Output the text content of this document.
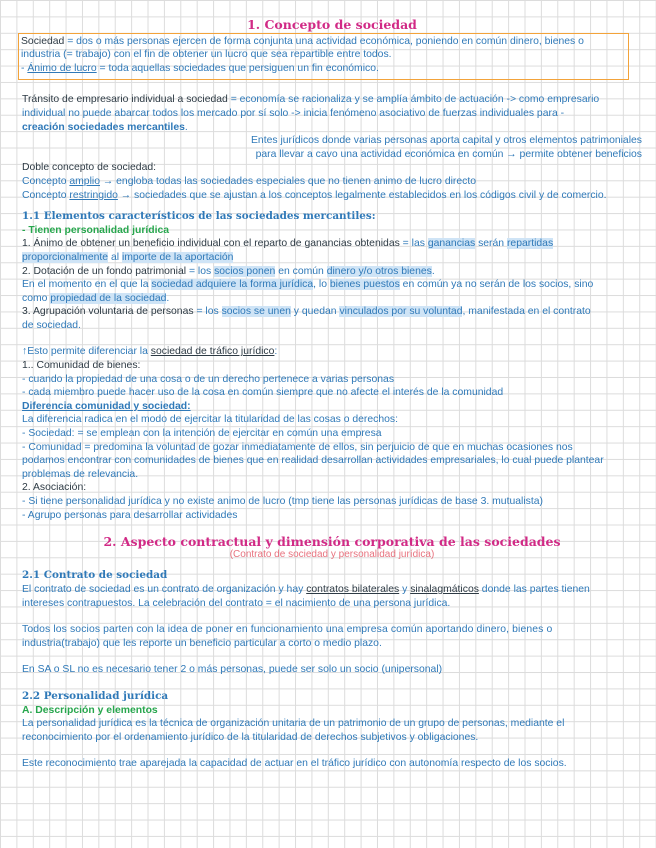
1. Concepto de sociedad
Sociedad = dos o más personas ejercen de forma conjunta una actividad económica, poniendo en común dinero, bienes o
industria (= trabajo) con el fin de obtener un lucro que sea repartible entre todos.
- Ánimo de lucro = toda aquellas sociedades que persiguen un fin económico.
Tránsito de empresario individual a sociedad = economía se racionaliza y se amplía ámbito de actuación -> como empresario
individual no puede abarcar todos los mercado por sí solo -> inicia fenómeno asociativo de fuerzas individuales para -
creación sociedades mercantiles.
Entes jurídicos donde varias personas aporta capital y otros elementos patrimoniales
para llevar a cavo una actividad económica en común → permite obtener beneficios
Doble concepto de sociedad:
Concepto amplio → engloba todas las sociedades especiales que no tienen animo de lucro directo
Concepto restringido → sociedades que se ajustan a los conceptos legalmente establecidos en los códigos civil y de comercio.
1.1 Elementos característicos de las sociedades mercantiles:
- Tienen personalidad jurídica
1. Ánimo de obtener un beneficio individual con el reparto de ganancias obtenidas = las ganancias serán repartidas
proporcionalmente al importe de la aportación
2. Dotación de un fondo patrimonial = los socios ponen en común dinero y/o otros bienes.
En el momento en el que la sociedad adquiere la forma jurídica, lo bienes puestos en común ya no serán de los socios, sino
como propiedad de la sociedad.
3. Agrupación voluntaria de personas = los socios se unen y quedan vinculados por su voluntad, manifestada en el contrato
de sociedad.
↑Esto permite diferenciar la sociedad de tráfico jurídico:
1.. Comunidad de bienes:
- cuando la propiedad de una cosa o de un derecho pertenece a varias personas
- cada miembro puede hacer uso de la cosa en común siempre que no afecte el interés de la comunidad
Diferencia comunidad y sociedad:
La diferencia radica en el modo de ejercitar la titularidad de las cosas o derechos:
- Sociedad: = se emplean con la intención de ejercitar en común una empresa
- Comunidad = predomina la voluntad de gozar inmediatamente de ellos, sin perjuicio de que en muchas ocasiones nos
podamos encontrar con comunidades de bienes que en realidad desarrollan actividades empresariales, lo cual puede plantear
problemas de relevancia.
2. Asociación:
- Si tiene personalidad jurídica y no existe animo de lucro (tmp tiene las personas jurídicas de base 3. mutualista)
- Agrupo personas para desarrollar actividades
2. Aspecto contractual y dimensión corporativa de las sociedades
(Contrato de sociedad y personalidad jurídica)
2.1 Contrato de sociedad
El contrato de sociedad es un contrato de organización y hay contratos bilaterales y sinalagmáticos donde las partes tienen
intereses contrapuestos. La celebración del contrato = el nacimiento de una persona jurídica.
Todos los socios parten con la idea de poner en funcionamiento una empresa común aportando dinero, bienes o
industria(trabajo) que les reporte un beneficio particular a corto o medio plazo.
En SA o SL no es necesario tener 2 o más personas, puede ser solo un socio (unipersonal)
2.2 Personalidad jurídica
A. Descripción y elementos
La personalidad jurídica es la técnica de organización unitaria de un patrimonio de un grupo de personas, mediante el
reconocimiento por el ordenamiento jurídico de la titularidad de derechos subjetivos y obligaciones.
Este reconocimiento trae aparejada la capacidad de actuar en el tráfico jurídico con autonomía respecto de los socios.
